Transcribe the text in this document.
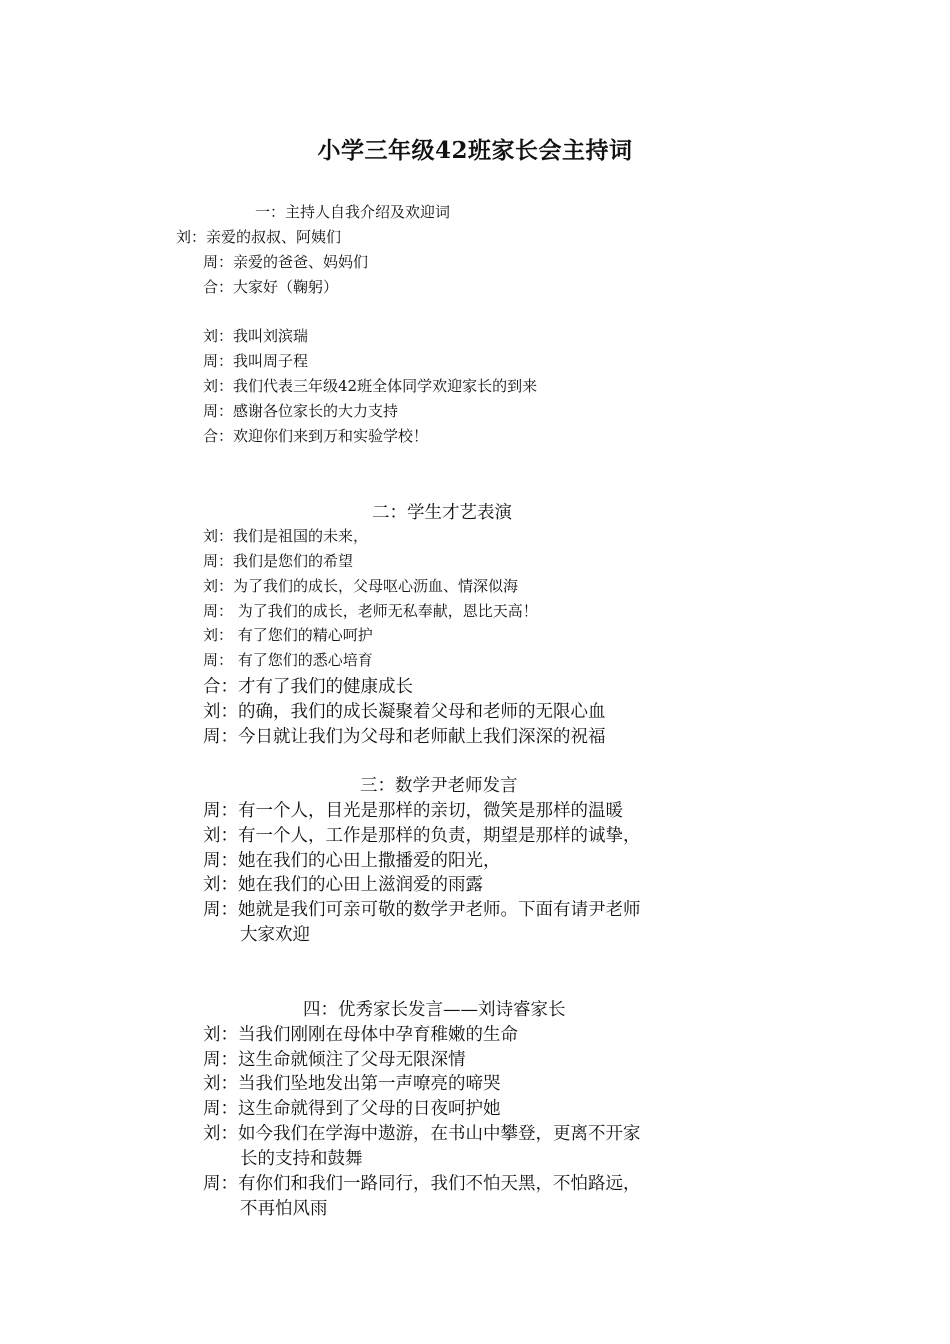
小学三年级42班家长会主持词
一：主持人自我介绍及欢迎词
刘：亲爱的叔叔、阿姨们
周：亲爱的爸爸、妈妈们
合：大家好（鞠躬）
刘：我叫刘滨瑞
周：我叫周子程
刘：我们代表三年级42班全体同学欢迎家长的到来
周：感谢各位家长的大力支持
合：欢迎你们来到万和实验学校！
二：学生才艺表演
刘：我们是祖国的未来，
周：我们是您们的希望
刘：为了我们的成长，父母呕心沥血、情深似海
周： 为了我们的成长，老师无私奉献，恩比天高！
刘： 有了您们的精心呵护
周： 有了您们的悉心培育
合：才有了我们的健康成长
刘：的确，我们的成长凝聚着父母和老师的无限心血
周：今日就让我们为父母和老师献上我们深深的祝福
三：数学尹老师发言
周：有一个人，目光是那样的亲切，微笑是那样的温暖
刘：有一个人，工作是那样的负责，期望是那样的诚挚，
周：她在我们的心田上撒播爱的阳光，
刘：她在我们的心田上滋润爱的雨露
周：她就是我们可亲可敬的数学尹老师。下面有请尹老师
大家欢迎
四：优秀家长发言——刘诗睿家长
刘：当我们刚刚在母体中孕育稚嫩的生命
周：这生命就倾注了父母无限深情
刘：当我们坠地发出第一声嘹亮的啼哭
周：这生命就得到了父母的日夜呵护她
刘：如今我们在学海中遨游，在书山中攀登，更离不开家
长的支持和鼓舞
周：有你们和我们一路同行，我们不怕天黑，不怕路远，
不再怕风雨
